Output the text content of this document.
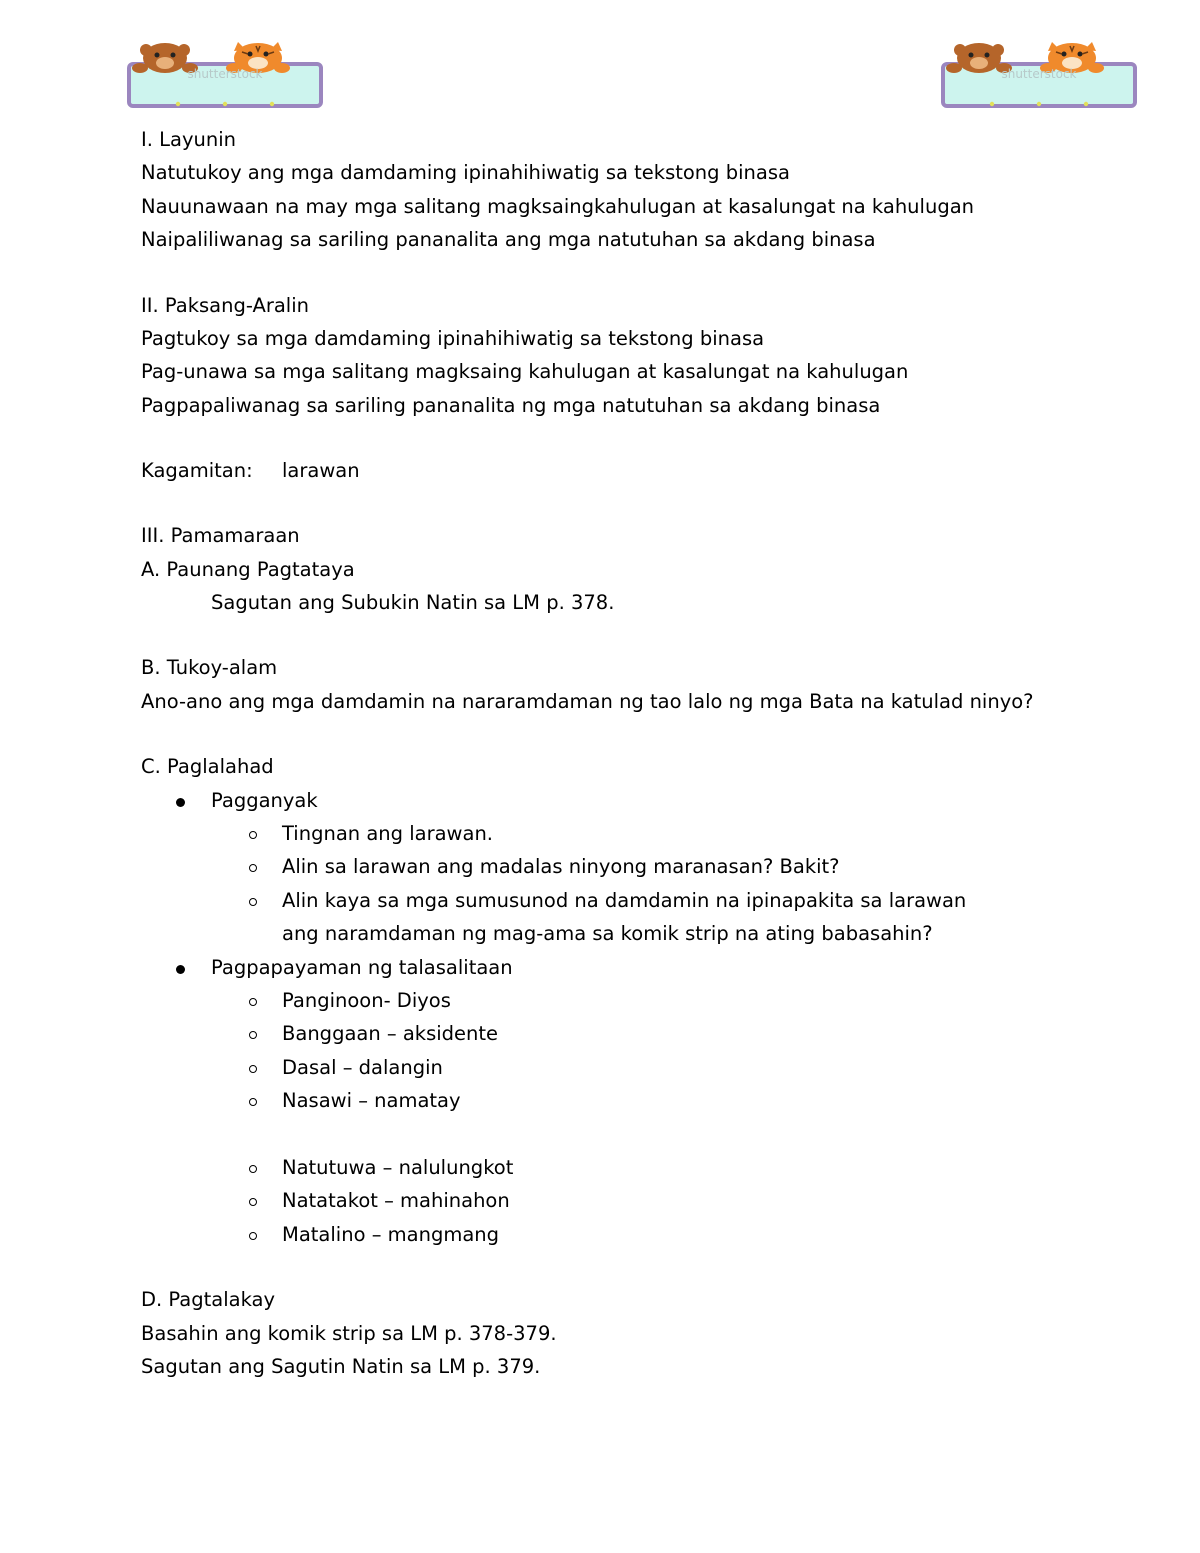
shutterstock	shutterstock
I. Layunin
Natutukoy ang mga damdaming ipinahihiwatig sa tekstong binasa
Nauunawaan na may mga salitang magksaingkahulugan at kasalungat na kahulugan
Naipaliliwanag sa sariling pananalita ang mga natutuhan sa akdang binasa
II. Paksang-Aralin
Pagtukoy sa mga damdaming ipinahihiwatig sa tekstong binasa
Pag-unawa sa mga salitang magksaing kahulugan at kasalungat na kahulugan
Pagpapaliwanag sa sariling pananalita ng mga natutuhan sa akdang binasa
Kagamitan: larawan
III. Pamamaraan
A. Paunang Pagtataya
Sagutan ang Subukin Natin sa LM p. 378.
B. Tukoy-alam
Ano-ano ang mga damdamin na nararamdaman ng tao lalo ng mga Bata na katulad ninyo?
C. Paglalahad
Pagganyak
Tingnan ang larawan.
Alin sa larawan ang madalas ninyong maranasan? Bakit?
Alin kaya sa mga sumusunod na damdamin na ipinapakita sa larawan ang naramdaman ng mag-ama sa komik strip na ating babasahin?
Pagpapayaman ng talasalitaan
Panginoon- Diyos
Banggaan – aksidente
Dasal – dalangin
Nasawi – namatay
Natutuwa – nalulungkot
Natatakot – mahinahon
Matalino – mangmang
D. Pagtalakay
Basahin ang komik strip sa LM p. 378-379.
Sagutan ang Sagutin Natin sa LM p. 379.
